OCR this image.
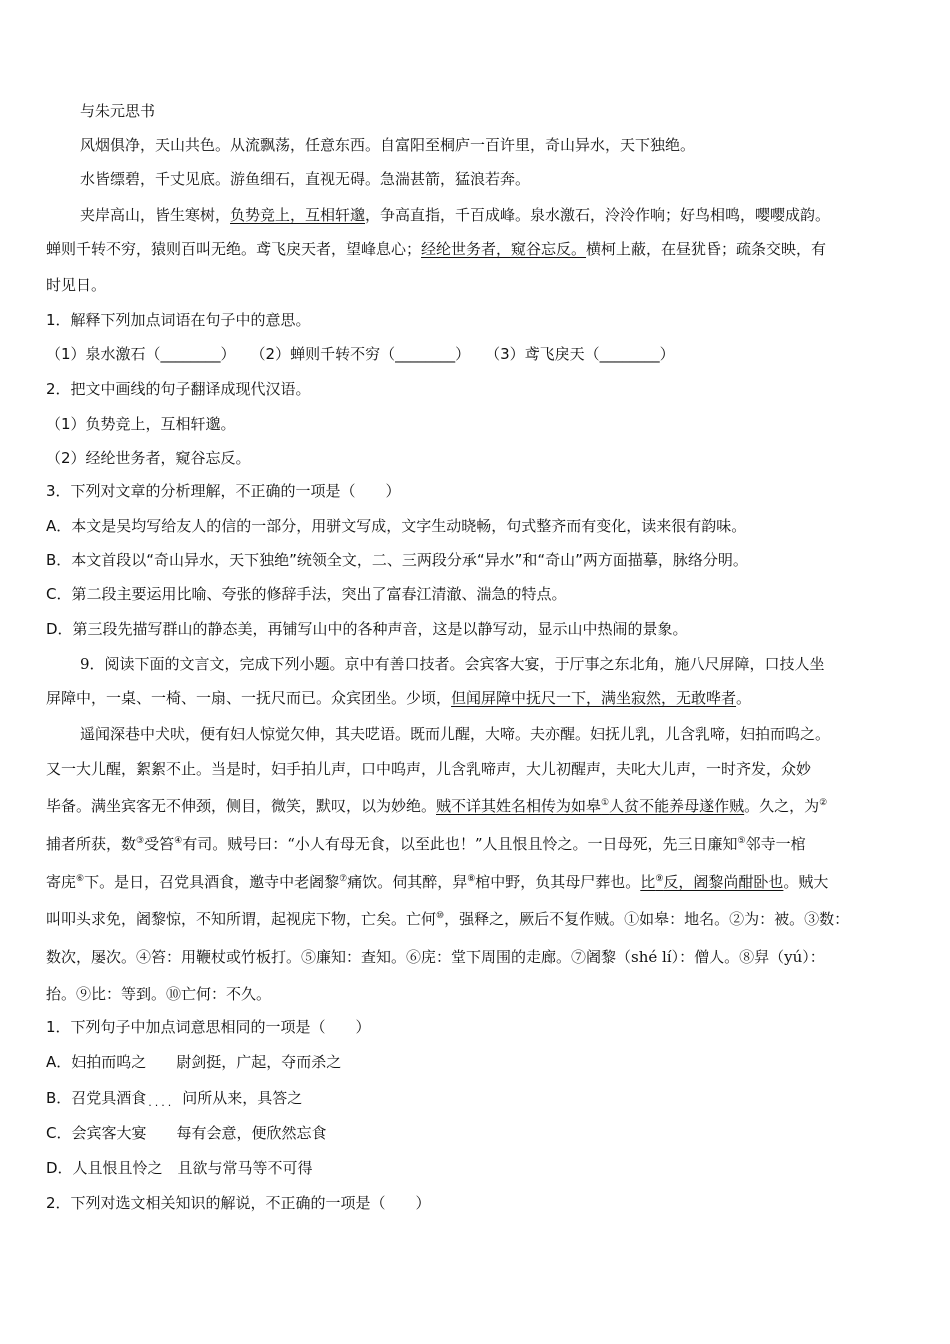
与朱元思书
风烟俱净，天山共色。从流飘荡，任意东西。自富阳至桐庐一百许里，奇山异水，天下独绝。
水皆缥碧，千丈见底。游鱼细石，直视无碍。急湍甚箭，猛浪若奔。
夹岸高山，皆生寒树，负势竞上，互相轩邈，争高直指，千百成峰。泉水激石，泠泠作响；好鸟相鸣，嘤嘤成韵。
蝉则千转不穷，猿则百叫无绝。鸢飞戾天者，望峰息心；经纶世务者，窥谷忘反。横柯上蔽，在昼犹昏；疏条交映，有
时见日。
1．解释下列加点词语在句子中的意思。
（1）泉水激石（________）　　（2）蝉则千转不穷（________）　　（3）鸢飞戾天（________）
2．把文中画线的句子翻译成现代汉语。
（1）负势竞上，互相轩邈。
（2）经纶世务者，窥谷忘反。
3．下列对文章的分析理解，不正确的一项是（　　）
A．本文是吴均写给友人的信的一部分，用骈文写成，文字生动晓畅，句式整齐而有变化，读来很有韵味。
B．本文首段以“奇山异水，天下独绝”统领全文，二、三两段分承“异水”和“奇山”两方面描摹，脉络分明。
C．第二段主要运用比喻、夸张的修辞手法，突出了富春江清澈、湍急的特点。
D．第三段先描写群山的静态美，再铺写山中的各种声音，这是以静写动，显示山中热闹的景象。
9．阅读下面的文言文，完成下列小题。京中有善口技者。会宾客大宴，于厅事之东北角，施八尺屏障，口技人坐
屏障中，一桌、一椅、一扇、一抚尺而已。众宾团坐。少顷，但闻屏障中抚尺一下，满坐寂然，无敢哗者。
遥闻深巷中犬吠，便有妇人惊觉欠伸，其夫呓语。既而儿醒，大啼。夫亦醒。妇抚儿乳，儿含乳啼，妇拍而呜之。
又一大儿醒，絮絮不止。当是时，妇手拍儿声，口中呜声，儿含乳啼声，大儿初醒声，夫叱大儿声，一时齐发，众妙
毕备。满坐宾客无不伸颈，侧目，微笑，默叹，以为妙绝。贼不详其姓名相传为如皋①人贫不能养母遂作贼。久之，为②
捕者所获，数③受笞④有司。贼号曰：“小人有母无食，以至此也！”人且恨且怜之。一日母死，先三日廉知⑤邻寺一棺
寄庑⑥下。是日，召党具酒食，邀寺中老阇黎⑦痛饮。伺其醉，舁⑧棺中野，负其母尸葬也。比⑨反，阇黎尚酣卧也。贼大
叫叩头求免，阇黎惊，不知所谓，起视庑下物，亡矣。亡何⑩，强释之，厥后不复作贼。①如皋：地名。②为：被。③数：
数次，屡次。④笞：用鞭杖或竹板打。⑤廉知：查知。⑥庑：堂下周围的走廊。⑦阇黎（shé lí）：僧人。⑧舁（yú）：
抬。⑨比：等到。⑩亡何：不久。
1．下列句子中加点词意思相同的一项是（　　）
A．妇拍而呜之　　尉剑挺，广起，夺而杀之
B．召党具酒食 ···· 问所从来，具答之
C．会宾客大宴　　每有会意，便欣然忘食
D．人且恨且怜之　且欲与常马等不可得
2．下列对选文相关知识的解说，不正确的一项是（　　）
